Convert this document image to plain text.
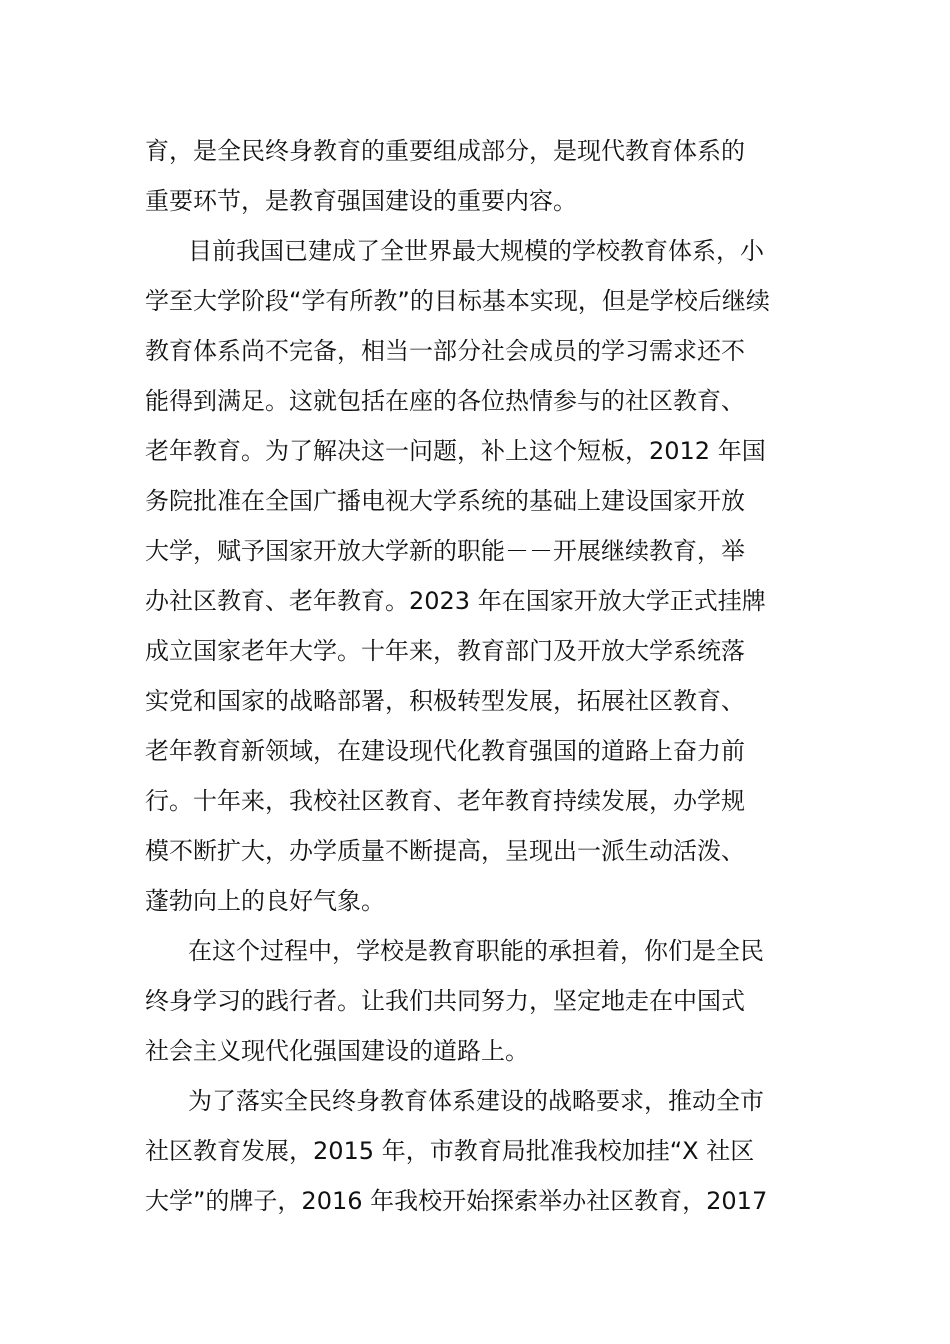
育，是全民终身教育的重要组成部分，是现代教育体系的
重要环节，是教育强国建设的重要内容。
目前我国已建成了全世界最大规模的学校教育体系，小
学至大学阶段“学有所教”的目标基本实现，但是学校后继续
教育体系尚不完备，相当一部分社会成员的学习需求还不
能得到满足。这就包括在座的各位热情参与的社区教育、
老年教育。为了解决这一问题，补上这个短板，2012 年国
务院批准在全国广播电视大学系统的基础上建设国家开放
大学，赋予国家开放大学新的职能－－开展继续教育，举
办社区教育、老年教育。2023 年在国家开放大学正式挂牌
成立国家老年大学。十年来，教育部门及开放大学系统落
实党和国家的战略部署，积极转型发展，拓展社区教育、
老年教育新领域，在建设现代化教育强国的道路上奋力前
行。十年来，我校社区教育、老年教育持续发展，办学规
模不断扩大，办学质量不断提高，呈现出一派生动活泼、
蓬勃向上的良好气象。
在这个过程中，学校是教育职能的承担着，你们是全民
终身学习的践行者。让我们共同努力，坚定地走在中国式
社会主义现代化强国建设的道路上。
为了落实全民终身教育体系建设的战略要求，推动全市
社区教育发展，2015 年，市教育局批准我校加挂“X 社区
大学”的牌子，2016 年我校开始探索举办社区教育，2017
